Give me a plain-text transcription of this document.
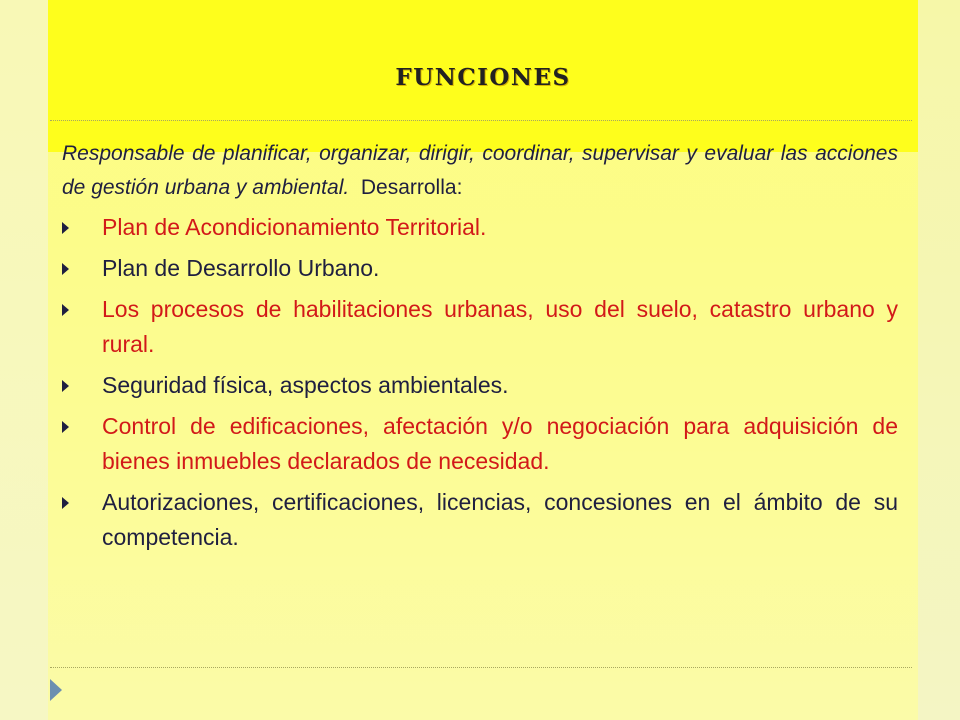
FUNCIONES

Responsable de planificar, organizar, dirigir, coordinar, supervisar y evaluar las acciones de gestión urbana y ambiental.  Desarrolla:

Plan de Acondicionamiento Territorial.
Plan de Desarrollo Urbano.
Los procesos de habilitaciones urbanas, uso del suelo, catastro urbano y rural.
Seguridad física, aspectos ambientales.
Control de edificaciones, afectación y/o negociación para adquisición de bienes inmuebles declarados de necesidad.
Autorizaciones, certificaciones, licencias, concesiones en el ámbito de su competencia.
